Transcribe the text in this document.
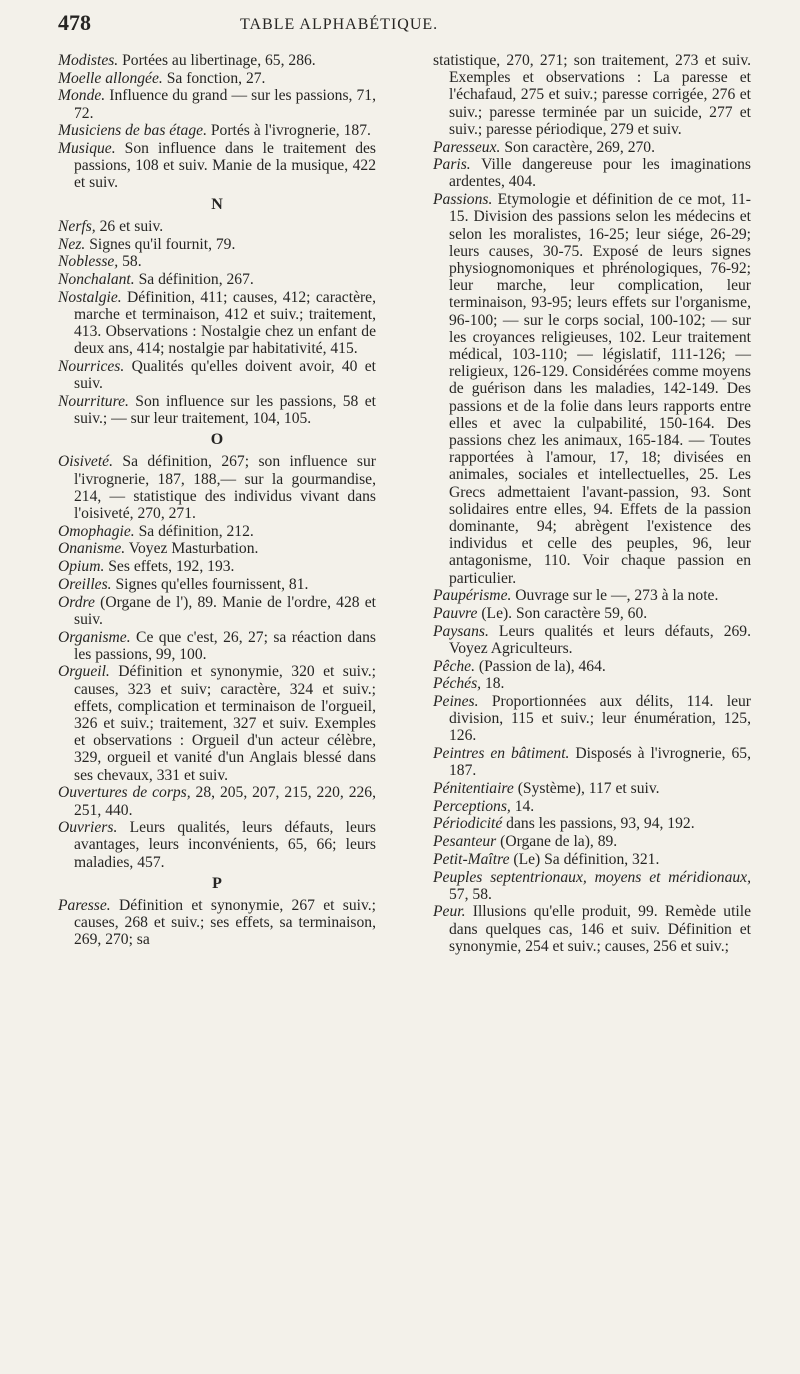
478	TABLE ALPHABÉTIQUE.

Modistes. Portées au libertinage, 65, 286.

Moelle allongée. Sa fonction, 27.

Monde. Influence du grand — sur les passions, 71, 72.

Musiciens de bas étage. Portés à l'ivrognerie, 187.

Musique. Son influence dans le traitement des passions, 108 et suiv. Manie de la musique, 422 et suiv.

N

Nerfs, 26 et suiv.

Nez. Signes qu'il fournit, 79.

Noblesse, 58.

Nonchalant. Sa définition, 267.

Nostalgie. Définition, 411; causes, 412; caractère, marche et terminaison, 412 et suiv.; traitement, 413. Observations : Nostalgie chez un enfant de deux ans, 414; nostalgie par habitativité, 415.

Nourrices. Qualités qu'elles doivent avoir, 40 et suiv.

Nourriture. Son influence sur les passions, 58 et suiv.; — sur leur traitement, 104, 105.

O

Oisiveté. Sa définition, 267; son influence sur l'ivrognerie, 187, 188,— sur la gourmandise, 214, — statistique des individus vivant dans l'oisiveté, 270, 271.

Omophagie. Sa définition, 212.

Onanisme. Voyez Masturbation.

Opium. Ses effets, 192, 193.

Oreilles. Signes qu'elles fournissent, 81.

Ordre (Organe de l'), 89. Manie de l'ordre, 428 et suiv.

Organisme. Ce que c'est, 26, 27; sa réaction dans les passions, 99, 100.

Orgueil. Définition et synonymie, 320 et suiv.; causes, 323 et suiv; caractère, 324 et suiv.; effets, complication et terminaison de l'orgueil, 326 et suiv.; traitement, 327 et suiv. Exemples et observations : Orgueil d'un acteur célèbre, 329, orgueil et vanité d'un Anglais blessé dans ses chevaux, 331 et suiv.

Ouvertures de corps, 28, 205, 207, 215, 220, 226, 251, 440.

Ouvriers. Leurs qualités, leurs défauts, leurs avantages, leurs inconvénients, 65, 66; leurs maladies, 457.

P

Paresse. Définition et synonymie, 267 et suiv.; causes, 268 et suiv.; ses effets, sa terminaison, 269, 270; sa

statistique, 270, 271; son traitement, 273 et suiv. Exemples et observations : La paresse et l'échafaud, 275 et suiv.; paresse corrigée, 276 et suiv.; paresse terminée par un suicide, 277 et suiv.; paresse périodique, 279 et suiv.

Paresseux. Son caractère, 269, 270.

Paris. Ville dangereuse pour les imaginations ardentes, 404.

Passions. Etymologie et définition de ce mot, 11-15. Division des passions selon les médecins et selon les moralistes, 16-25; leur siége, 26-29; leurs causes, 30-75. Exposé de leurs signes physiognomoniques et phrénologiques, 76-92; leur marche, leur complication, leur terminaison, 93-95; leurs effets sur l'organisme, 96-100; — sur le corps social, 100-102; — sur les croyances religieuses, 102. Leur traitement médical, 103-110; — législatif, 111-126; — religieux, 126-129. Considérées comme moyens de guérison dans les maladies, 142-149. Des passions et de la folie dans leurs rapports entre elles et avec la culpabilité, 150-164. Des passions chez les animaux, 165-184. — Toutes rapportées à l'amour, 17, 18; divisées en animales, sociales et intellectuelles, 25. Les Grecs admettaient l'avant-passion, 93. Sont solidaires entre elles, 94. Effets de la passion dominante, 94; abrègent l'existence des individus et celle des peuples, 96, leur antagonisme, 110. Voir chaque passion en particulier.

Paupérisme. Ouvrage sur le —, 273 à la note.

Pauvre (Le). Son caractère 59, 60.

Paysans. Leurs qualités et leurs défauts, 269. Voyez Agriculteurs.

Pêche. (Passion de la), 464.

Péchés, 18.

Peines. Proportionnées aux délits, 114. leur division, 115 et suiv.; leur énumération, 125, 126.

Peintres en bâtiment. Disposés à l'ivrognerie, 65, 187.

Pénitentiaire (Système), 117 et suiv.

Perceptions, 14.

Périodicité dans les passions, 93, 94, 192.

Pesanteur (Organe de la), 89.

Petit-Maître (Le) Sa définition, 321.

Peuples septentrionaux, moyens et méridionaux, 57, 58.

Peur. Illusions qu'elle produit, 99. Remède utile dans quelques cas, 146 et suiv. Définition et synonymie, 254 et suiv.; causes, 256 et suiv.;
